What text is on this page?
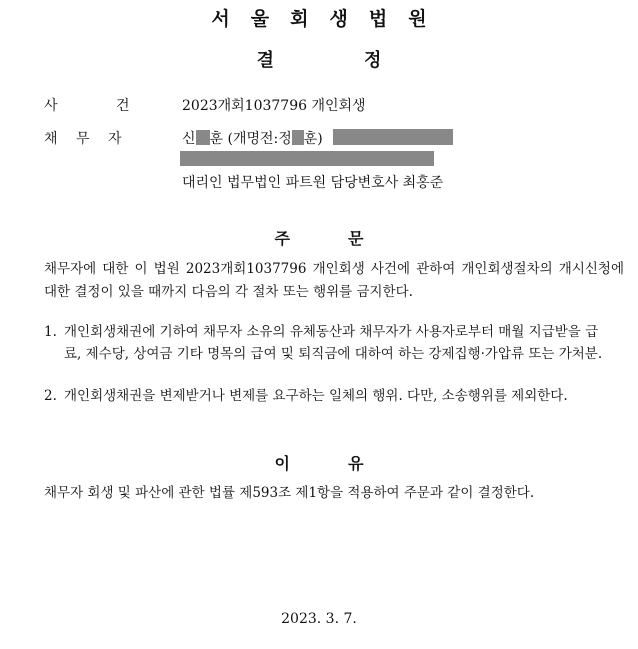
서 울 회 생 법 원
결	정
사	건	2023개회1037796 개인회생
채 무 자	신 훈 (개명전:정 훈)
대리인 법무법인 파트원 담당변호사 최홍준
주	문
채무자에 대한 이 법원 2023개회1037796 개인회생 사건에 관하여 개인회생절차의 개시신청에 대한 결정이 있을 때까지 다음의 각 절차 또는 행위를 금지한다.
1. 개인회생채권에 기하여 채무자 소유의 유체동산과 채무자가 사용자로부터 매월 지급받을 급료, 제수당, 상여금 기타 명목의 급여 및 퇴직금에 대하여 하는 강제집행·가압류 또는 가처분.
2. 개인회생채권을 변제받거나 변제를 요구하는 일체의 행위. 다만, 소송행위를 제외한다.
이	유
채무자 회생 및 파산에 관한 법률 제593조 제1항을 적용하여 주문과 같이 결정한다.
2023. 3. 7.
